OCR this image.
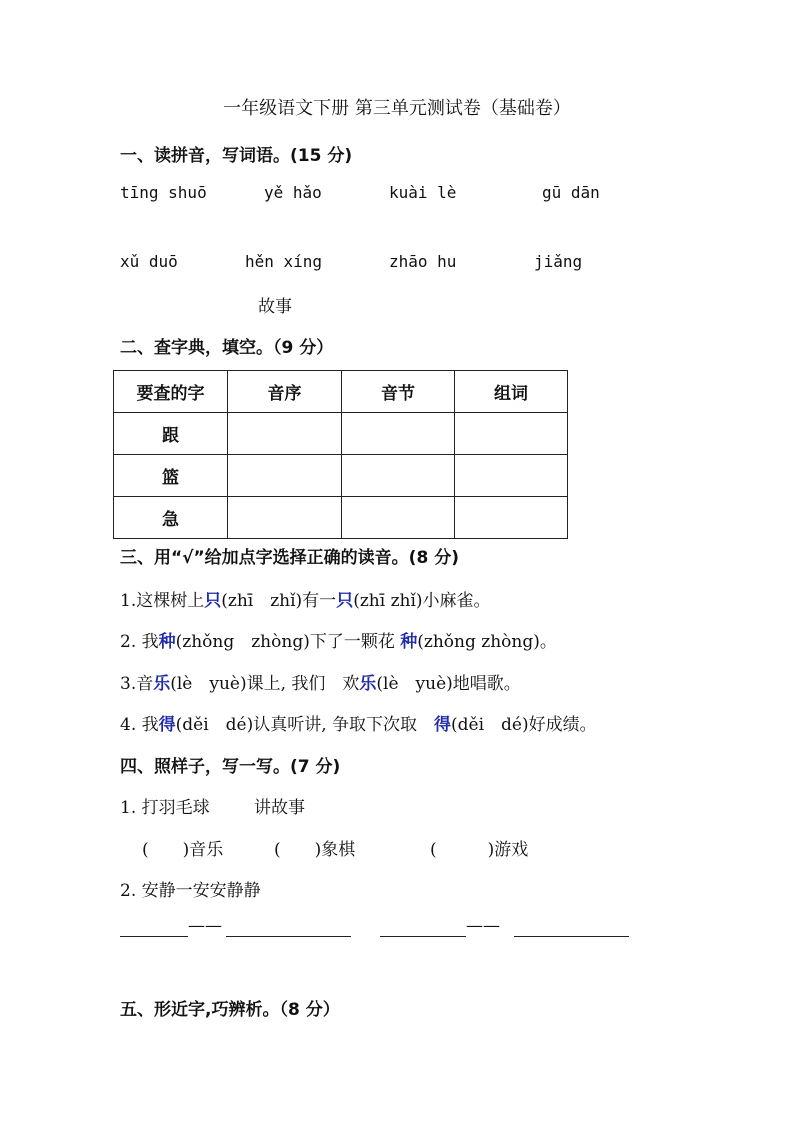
一年级语文下册 第三单元测试卷（基础卷）
一、读拼音，写词语。(15 分)
tīng shuō	yě hǎo	kuài lè	gū dān
xǔ duō	hěn xíng	zhāo hu	jiǎng
故事
二、查字典，填空。（9 分）
要查的字	音序	音节	组词
跟			
篮			
急			
三、用“√”给加点字选择正确的读音。(8 分)
1.这棵树上只(zhī　zhǐ)有一只(zhī zhǐ)小麻雀。
2. 我种(zhǒng　zhòng)下了一颗花 种(zhǒng zhòng)。
3.音乐(lè　yuè)课上, 我们　欢乐(lè　yuè)地唱歌。
4. 我得(děi　dé)认真听讲, 争取下次取　得(děi　dé)好成绩。
四、照样子，写一写。(7 分)
1. 打羽毛球	讲故事
(　　)音乐	(　　)象棋	(　　　)游戏
2. 安静一安安静静
——	——
五、形近字,巧辨析。（8 分）
